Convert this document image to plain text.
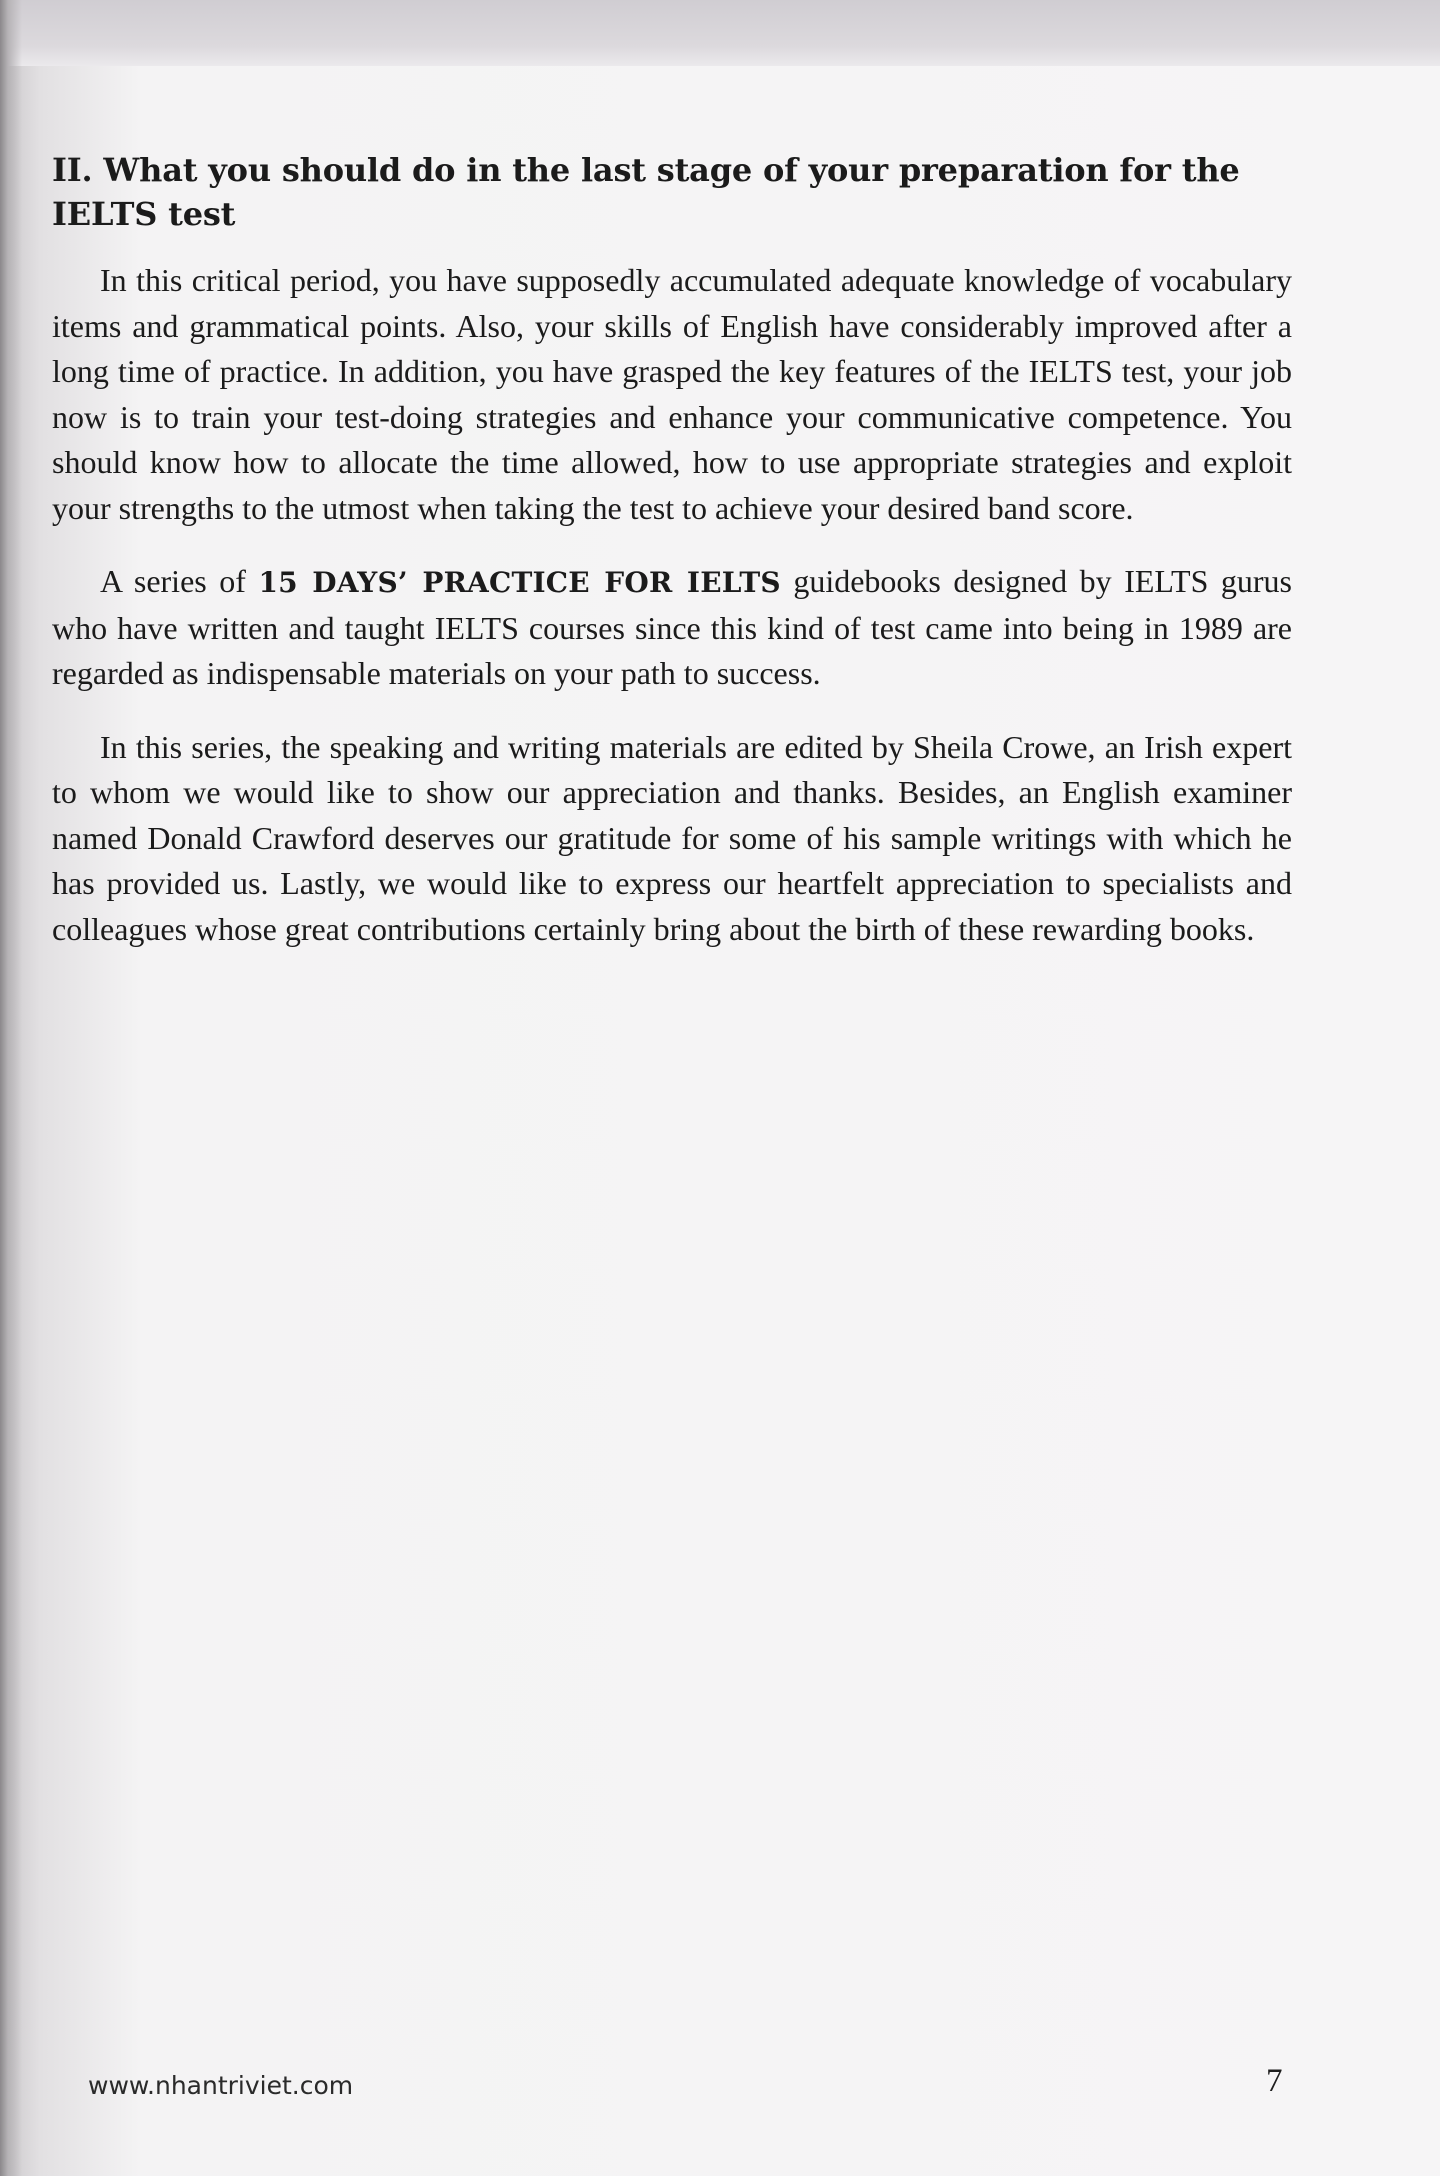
II. What you should do in the last stage of your preparation for the IELTS test

In this critical period, you have supposedly accumulated adequate knowledge of vocabulary items and grammatical points. Also, your skills of English have considerably improved after a long time of practice. In addition, you have grasped the key features of the IELTS test, your job now is to train your test-doing strategies and enhance your communicative competence. You should know how to allocate the time allowed, how to use appropriate strategies and exploit your strengths to the utmost when taking the test to achieve your desired band score.

A series of 15 DAYS’ PRACTICE FOR IELTS guidebooks designed by IELTS gurus who have written and taught IELTS courses since this kind of test came into being in 1989 are regarded as indispensable materials on your path to success.

In this series, the speaking and writing materials are edited by Sheila Crowe, an Irish expert to whom we would like to show our appreciation and thanks. Besides, an English examiner named Donald Crawford deserves our gratitude for some of his sample writings with which he has provided us. Lastly, we would like to express our heartfelt appreciation to specialists and colleagues whose great contributions certainly bring about the birth of these rewarding books.

www.nhantriviet.com	7
